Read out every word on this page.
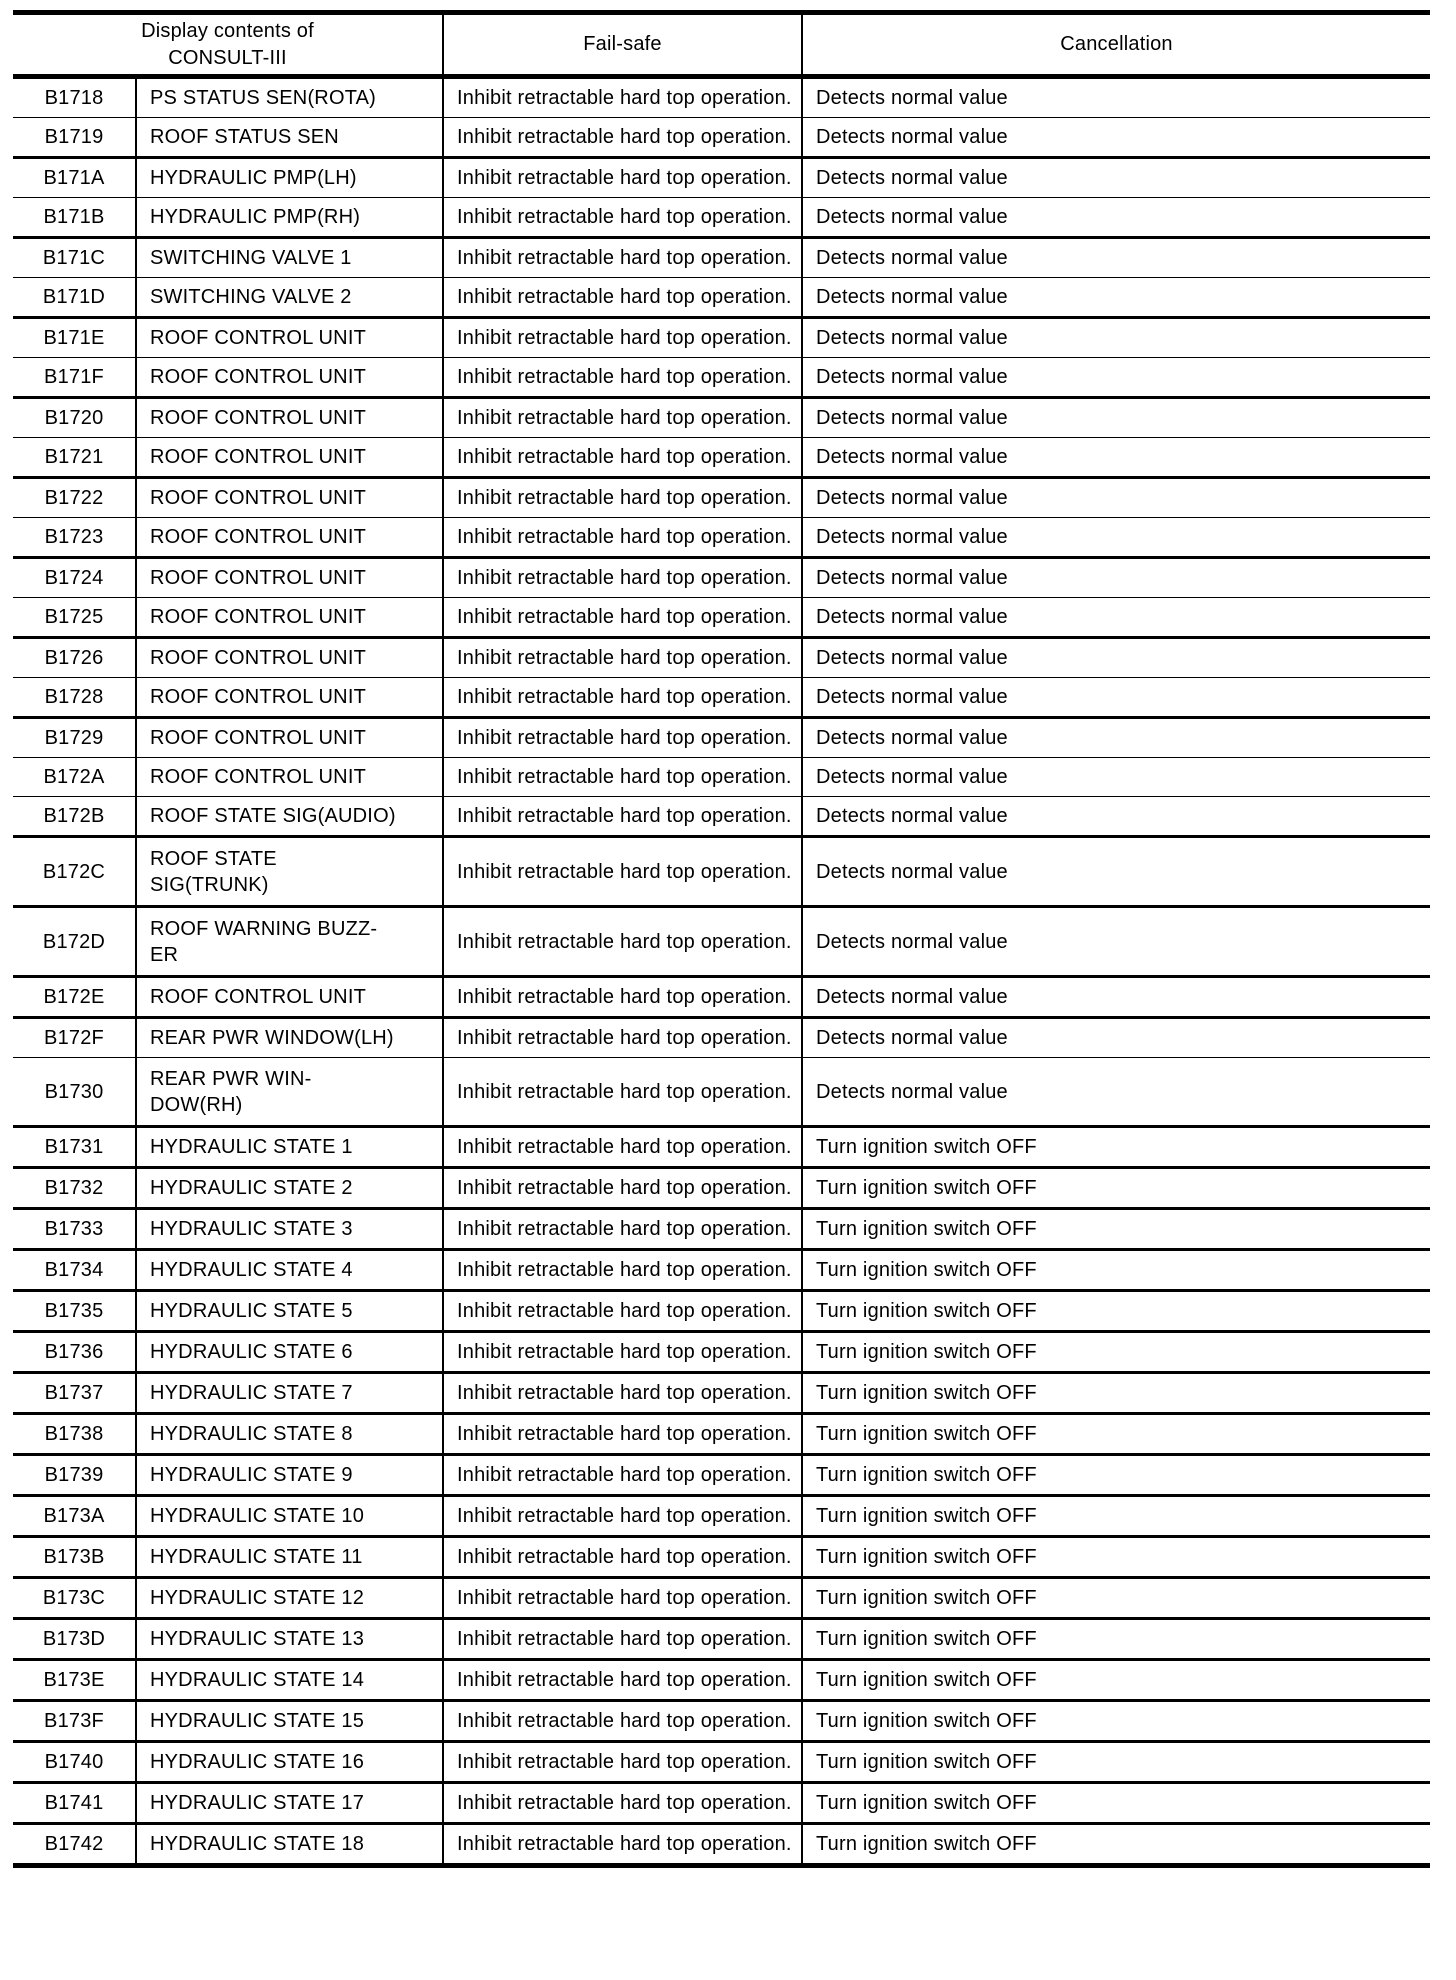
Display contents of
CONSULT-III		Fail-safe	Cancellation
B1718	PS STATUS SEN(ROTA)	Inhibit retractable hard top operation.	Detects normal value
B1719	ROOF STATUS SEN	Inhibit retractable hard top operation.	Detects normal value
B171A	HYDRAULIC PMP(LH)	Inhibit retractable hard top operation.	Detects normal value
B171B	HYDRAULIC PMP(RH)	Inhibit retractable hard top operation.	Detects normal value
B171C	SWITCHING VALVE 1	Inhibit retractable hard top operation.	Detects normal value
B171D	SWITCHING VALVE 2	Inhibit retractable hard top operation.	Detects normal value
B171E	ROOF CONTROL UNIT	Inhibit retractable hard top operation.	Detects normal value
B171F	ROOF CONTROL UNIT	Inhibit retractable hard top operation.	Detects normal value
B1720	ROOF CONTROL UNIT	Inhibit retractable hard top operation.	Detects normal value
B1721	ROOF CONTROL UNIT	Inhibit retractable hard top operation.	Detects normal value
B1722	ROOF CONTROL UNIT	Inhibit retractable hard top operation.	Detects normal value
B1723	ROOF CONTROL UNIT	Inhibit retractable hard top operation.	Detects normal value
B1724	ROOF CONTROL UNIT	Inhibit retractable hard top operation.	Detects normal value
B1725	ROOF CONTROL UNIT	Inhibit retractable hard top operation.	Detects normal value
B1726	ROOF CONTROL UNIT	Inhibit retractable hard top operation.	Detects normal value
B1728	ROOF CONTROL UNIT	Inhibit retractable hard top operation.	Detects normal value
B1729	ROOF CONTROL UNIT	Inhibit retractable hard top operation.	Detects normal value
B172A	ROOF CONTROL UNIT	Inhibit retractable hard top operation.	Detects normal value
B172B	ROOF STATE SIG(AUDIO)	Inhibit retractable hard top operation.	Detects normal value
B172C	ROOF STATE
SIG(TRUNK)	Inhibit retractable hard top operation.	Detects normal value
B172D	ROOF WARNING BUZZ-
ER	Inhibit retractable hard top operation.	Detects normal value
B172E	ROOF CONTROL UNIT	Inhibit retractable hard top operation.	Detects normal value
B172F	REAR PWR WINDOW(LH)	Inhibit retractable hard top operation.	Detects normal value
B1730	REAR PWR WIN-
DOW(RH)	Inhibit retractable hard top operation.	Detects normal value
B1731	HYDRAULIC STATE 1	Inhibit retractable hard top operation.	Turn ignition switch OFF
B1732	HYDRAULIC STATE 2	Inhibit retractable hard top operation.	Turn ignition switch OFF
B1733	HYDRAULIC STATE 3	Inhibit retractable hard top operation.	Turn ignition switch OFF
B1734	HYDRAULIC STATE 4	Inhibit retractable hard top operation.	Turn ignition switch OFF
B1735	HYDRAULIC STATE 5	Inhibit retractable hard top operation.	Turn ignition switch OFF
B1736	HYDRAULIC STATE 6	Inhibit retractable hard top operation.	Turn ignition switch OFF
B1737	HYDRAULIC STATE 7	Inhibit retractable hard top operation.	Turn ignition switch OFF
B1738	HYDRAULIC STATE 8	Inhibit retractable hard top operation.	Turn ignition switch OFF
B1739	HYDRAULIC STATE 9	Inhibit retractable hard top operation.	Turn ignition switch OFF
B173A	HYDRAULIC STATE 10	Inhibit retractable hard top operation.	Turn ignition switch OFF
B173B	HYDRAULIC STATE 11	Inhibit retractable hard top operation.	Turn ignition switch OFF
B173C	HYDRAULIC STATE 12	Inhibit retractable hard top operation.	Turn ignition switch OFF
B173D	HYDRAULIC STATE 13	Inhibit retractable hard top operation.	Turn ignition switch OFF
B173E	HYDRAULIC STATE 14	Inhibit retractable hard top operation.	Turn ignition switch OFF
B173F	HYDRAULIC STATE 15	Inhibit retractable hard top operation.	Turn ignition switch OFF
B1740	HYDRAULIC STATE 16	Inhibit retractable hard top operation.	Turn ignition switch OFF
B1741	HYDRAULIC STATE 17	Inhibit retractable hard top operation.	Turn ignition switch OFF
B1742	HYDRAULIC STATE 18	Inhibit retractable hard top operation.	Turn ignition switch OFF
